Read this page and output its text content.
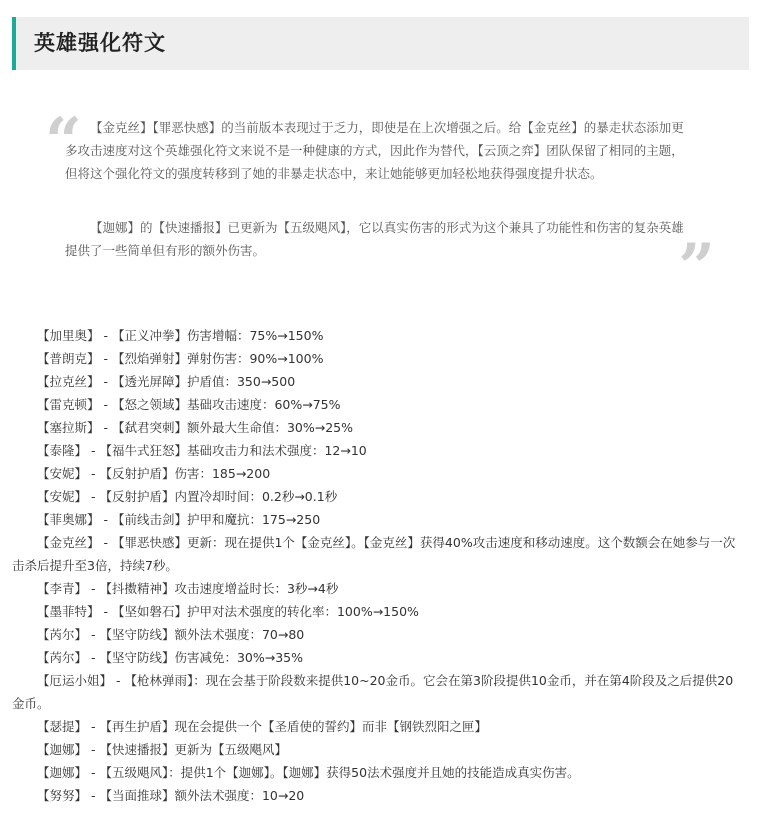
英雄强化符文
“ 【金克丝】【罪恶快感】的当前版本表现过于乏力，即使是在上次增强之后。给【金克丝】的暴走状态添加更多攻击速度对这个英雄强化符文来说不是一种健康的方式，因此作为替代，【云顶之弈】团队保留了相同的主题，但将这个强化符文的强度转移到了她的非暴走状态中，来让她能够更加轻松地获得强度提升状态。

【迦娜】的【快速播报】已更新为【五级飓风】，它以真实伤害的形式为这个兼具了功能性和伤害的复杂英雄提供了一些简单但有形的额外伤害。	”
【加里奥】 - 【正义冲拳】伤害增幅：75%→150%
【普朗克】 - 【烈焰弹射】弹射伤害：90%→100%
【拉克丝】 - 【透光屏障】护盾值：350→500
【雷克顿】 - 【怒之领域】基础攻击速度：60%→75%
【塞拉斯】 - 【弑君突刺】额外最大生命值：30%→25%
【泰隆】 - 【福牛式狂怒】基础攻击力和法术强度：12→10
【安妮】 - 【反射护盾】伤害：185→200
【安妮】 - 【反射护盾】内置冷却时间：0.2秒→0.1秒
【菲奥娜】 - 【前线击剑】护甲和魔抗：175→250
【金克丝】 - 【罪恶快感】更新：现在提供1个【金克丝】。【金克丝】获得40%攻击速度和移动速度。这个数额会在她参与一次击杀后提升至3倍，持续7秒。
【李青】 - 【抖擞精神】攻击速度增益时长：3秒→4秒
【墨菲特】 - 【坚如磐石】护甲对法术强度的转化率：100%→150%
【芮尔】 - 【坚守防线】额外法术强度：70→80
【芮尔】 - 【坚守防线】伤害减免：30%→35%
【厄运小姐】 - 【枪林弹雨】：现在会基于阶段数来提供10~20金币。它会在第3阶段提供10金币，并在第4阶段及之后提供20金币。
【瑟提】 - 【再生护盾】现在会提供一个【圣盾使的誓约】而非【钢铁烈阳之匣】
【迦娜】 - 【快速播报】更新为【五级飓风】
【迦娜】 - 【五级飓风】：提供1个【迦娜】。【迦娜】获得50法术强度并且她的技能造成真实伤害。
【努努】 - 【当面推球】额外法术强度：10→20
